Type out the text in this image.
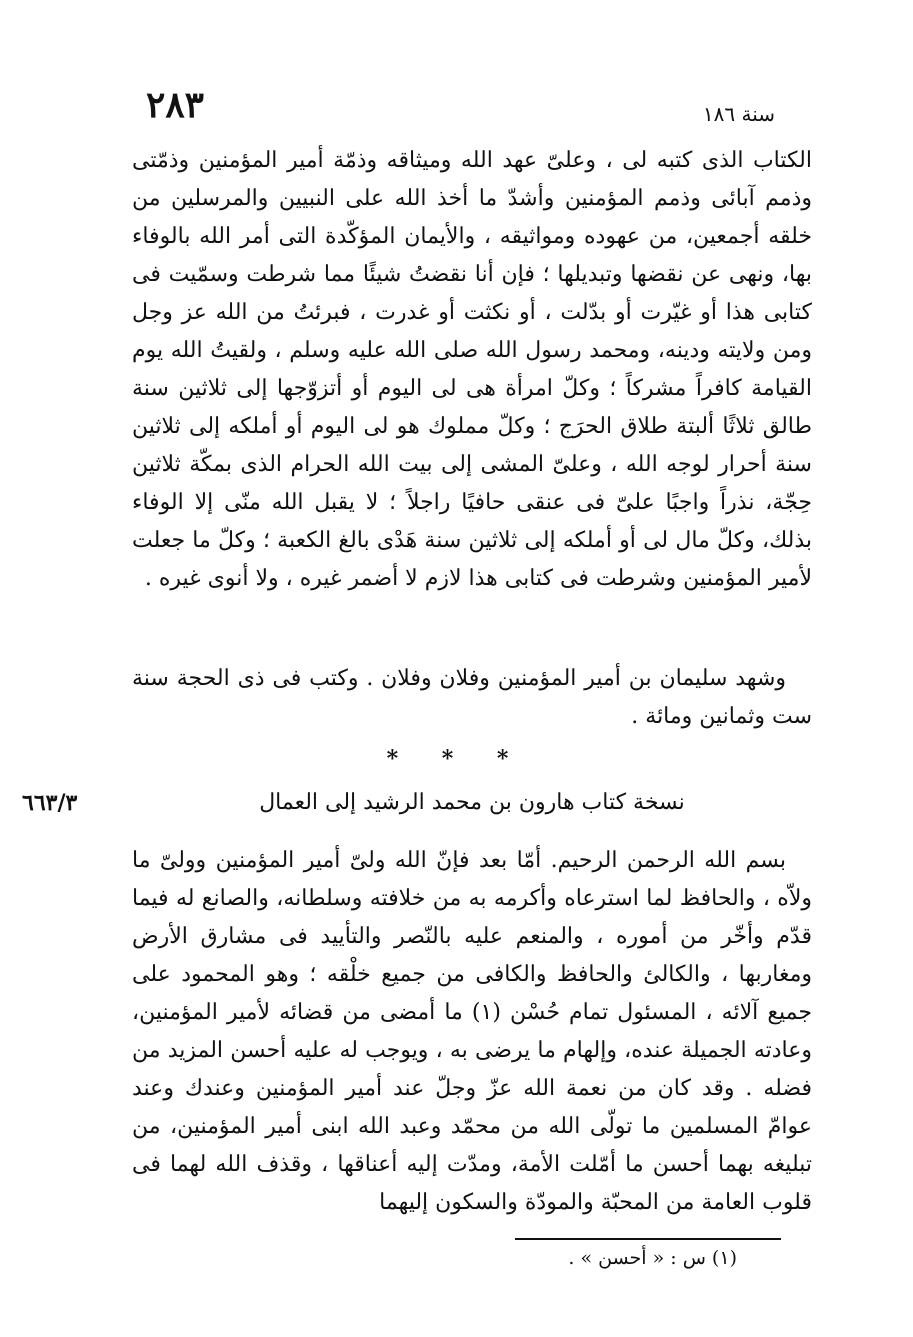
٢٨٣	سنة ١٨٦

الكتاب الذى كتبه لى ، وعلىّ عهد الله وميثاقه وذمّة أمير المؤمنين وذمّتى وذمم آبائى وذمم المؤمنين وأشدّ ما أخذ الله على النبيين والمرسلين من خلقه أجمعين، من عهوده ومواثيقه ، والأيمان المؤكّدة التى أمر الله بالوفاء بها، ونهى عن نقضها وتبديلها ؛ فإن أنا نقضتُ شيئًا مما شرطت وسمّيت فى كتابى هذا أو غيّرت أو بدّلت ، أو نكثت أو غدرت ، فبرئتُ من الله عز وجل ومن ولايته ودينه، ومحمد رسول الله صلى الله عليه وسلم ، ولقيتُ الله يوم القيامة كافراً مشركاً ؛ وكلّ امرأة هى لى اليوم أو أتزوّجها إلى ثلاثين سنة طالق ثلاثًا ألبتة طلاق الحرَج ؛ وكلّ مملوك هو لى اليوم أو أملكه إلى ثلاثين سنة أحرار لوجه الله ، وعلىّ المشى إلى بيت الله الحرام الذى بمكّة ثلاثين حِجّة، نذراً واجبًا علىّ فى عنقى حافيًا راجلاً ؛ لا يقبل الله منّى إلا الوفاء بذلك، وكلّ مال لى أو أملكه إلى ثلاثين سنة هَدْى بالغ الكعبة ؛ وكلّ ما جعلت لأمير المؤمنين وشرطت فى كتابى هذا لازم لا أضمر غيره ، ولا أنوى غيره .

وشهد سليمان بن أمير المؤمنين وفلان وفلان . وكتب فى ذى الحجة سنة ست وثمانين ومائة .

* * *
٦٦٣/٣	نسخة كتاب هارون بن محمد الرشيد إلى العمال

بسم الله الرحمن الرحيم. أمّا بعد فإنّ الله ولىّ أمير المؤمنين وولىّ ما ولاّه ، والحافظ لما استرعاه وأكرمه به من خلافته وسلطانه، والصانع له فيما قدّم وأخّر من أموره ، والمنعم عليه بالنّصر والتأييد فى مشارق الأرض ومغاربها ، والكالئ والحافظ والكافى من جميع خلْقه ؛ وهو المحمود على جميع آلائه ، المسئول تمام حُسْن (١) ما أمضى من قضائه لأمير المؤمنين، وعادته الجميلة عنده، وإلهام ما يرضى به ، ويوجب له عليه أحسن المزيد من فضله . وقد كان من نعمة الله عزّ وجلّ عند أمير المؤمنين وعندك وعند عوامّ المسلمين ما تولّى الله من محمّد وعبد الله ابنى أمير المؤمنين، من تبليغه بهما أحسن ما أمّلت الأمة، ومدّت إليه أعناقها ، وقذف الله لهما فى قلوب العامة من المحبّة والمودّة والسكون إليهما

(١) س : « أحسن » .
